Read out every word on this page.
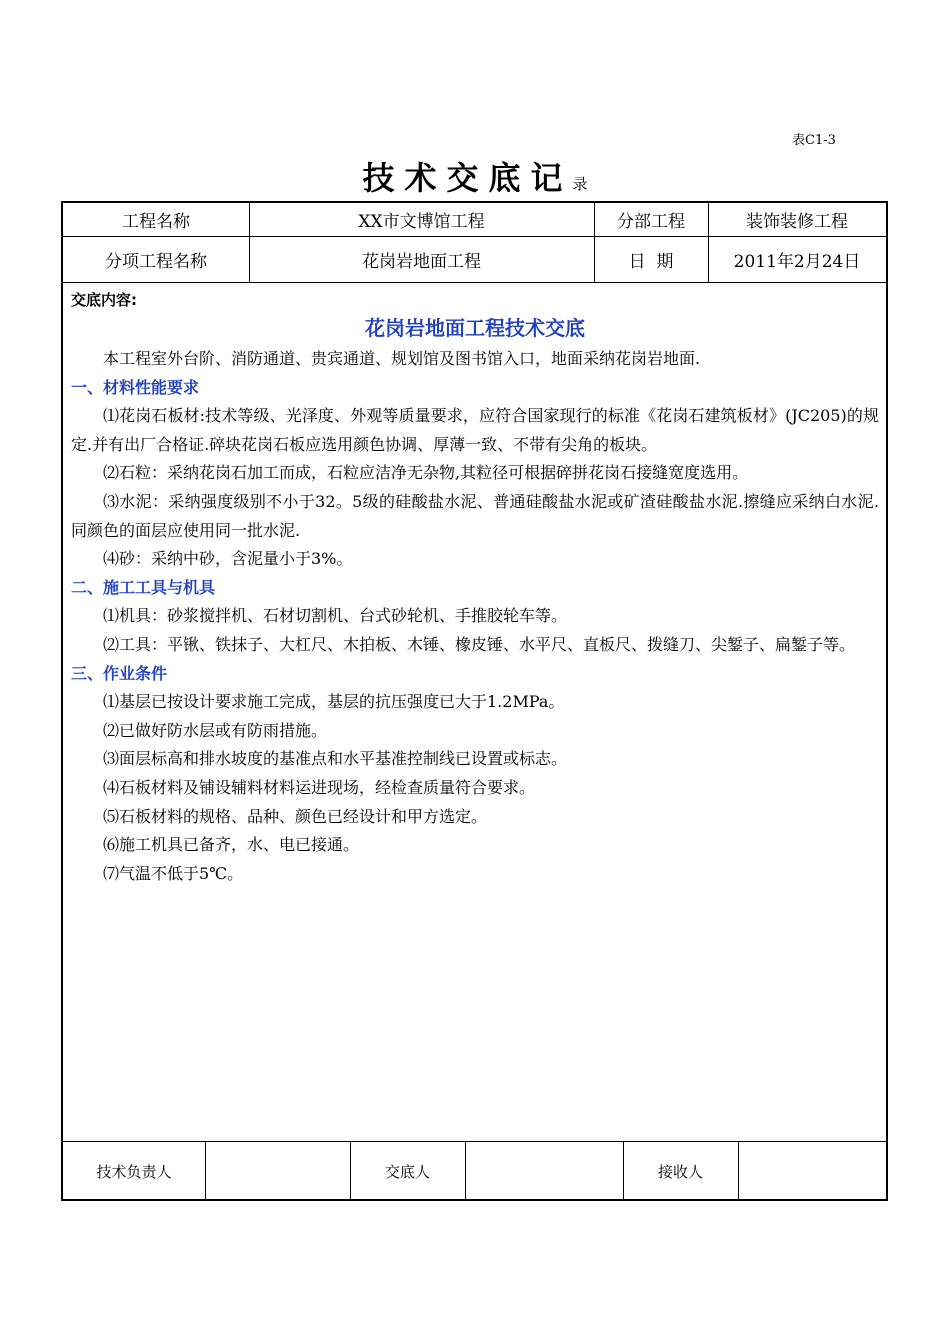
表C1-3
技术交底记录
工程名称	XX市文博馆工程	分部工程	装饰装修工程
分项工程名称	花岗岩地面工程	日  期	2011年2月24日
交底内容:
花岗岩地面工程技术交底

本工程室外台阶、消防通道、贵宾通道、规划馆及图书馆入口，地面采纳花岗岩地面.

一、材料性能要求

⑴花岗石板材:技术等级、光泽度、外观等质量要求，应符合国家现行的标准《花岗石建筑板材》(JC205)的规定.并有出厂合格证.碎块花岗石板应选用颜色协调、厚薄一致、不带有尖角的板块。

⑵石粒：采纳花岗石加工而成，石粒应洁净无杂物,其粒径可根据碎拼花岗石接缝宽度选用。

⑶水泥：采纳强度级别不小于32。5级的硅酸盐水泥、普通硅酸盐水泥或矿渣硅酸盐水泥.擦缝应采纳白水泥.同颜色的面层应使用同一批水泥.

⑷砂：采纳中砂，含泥量小于3%。

二、施工工具与机具

⑴机具：砂浆搅拌机、石材切割机、台式砂轮机、手推胶轮车等。

⑵工具：平锹、铁抹子、大杠尺、木拍板、木锤、橡皮锤、水平尺、直板尺、拨缝刀、尖錾子、扁錾子等。

三、作业条件

⑴基层已按设计要求施工完成，基层的抗压强度已大于1.2MPa。

⑵已做好防水层或有防雨措施。

⑶面层标高和排水坡度的基准点和水平基准控制线已设置或标志。

⑷石板材料及铺设辅料材料运进现场，经检查质量符合要求。

⑸石板材料的规格、品种、颜色已经设计和甲方选定。

⑹施工机具已备齐，水、电已接通。

⑺气温不低于5℃。

技术负责人	交底人	接收人
